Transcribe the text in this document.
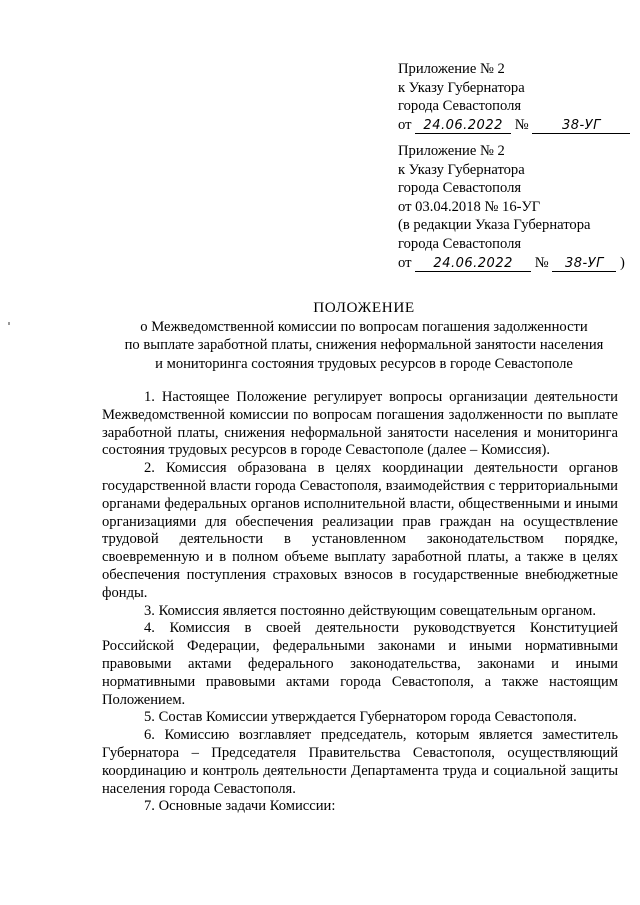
Приложение № 2
к Указу Губернатора
города Севастополя
от 24.06.2022 №	38-УГ
Приложение № 2
к Указу Губернатора
города Севастополя
от 03.04.2018 № 16-УГ
(в редакции Указа Губернатора
города Севастополя
от 24.06.2022 № 38-УГ )
ПОЛОЖЕНИЕ
о Межведомственной комиссии по вопросам погашения задолженности
по выплате заработной платы, снижения неформальной занятости населения
и мониторинга состояния трудовых ресурсов в городе Севастополе

1. Настоящее Положение регулирует вопросы организации деятельности Межведомственной комиссии по вопросам погашения задолженности по выплате заработной платы, снижения неформальной занятости населения и мониторинга состояния трудовых ресурсов в городе Севастополе (далее – Комиссия).

2. Комиссия образована в целях координации деятельности органов государственной власти города Севастополя, взаимодействия с территориальными органами федеральных органов исполнительной власти, общественными и иными организациями для обеспечения реализации прав граждан на осуществление трудовой деятельности в установленном законодательством порядке, своевременную и в полном объеме выплату заработной платы, а также в целях обеспечения поступления страховых взносов в государственные внебюджетные фонды.

3. Комиссия является постоянно действующим совещательным органом.

4. Комиссия в своей деятельности руководствуется Конституцией Российской Федерации, федеральными законами и иными нормативными правовыми актами федерального законодательства, законами и иными нормативными правовыми актами города Севастополя, а также настоящим Положением.

5. Состав Комиссии утверждается Губернатором города Севастополя.

6. Комиссию возглавляет председатель, которым является заместитель Губернатора – Председателя Правительства Севастополя, осуществляющий координацию и контроль деятельности Департамента труда и социальной защиты населения города Севастополя.

7. Основные задачи Комиссии:
